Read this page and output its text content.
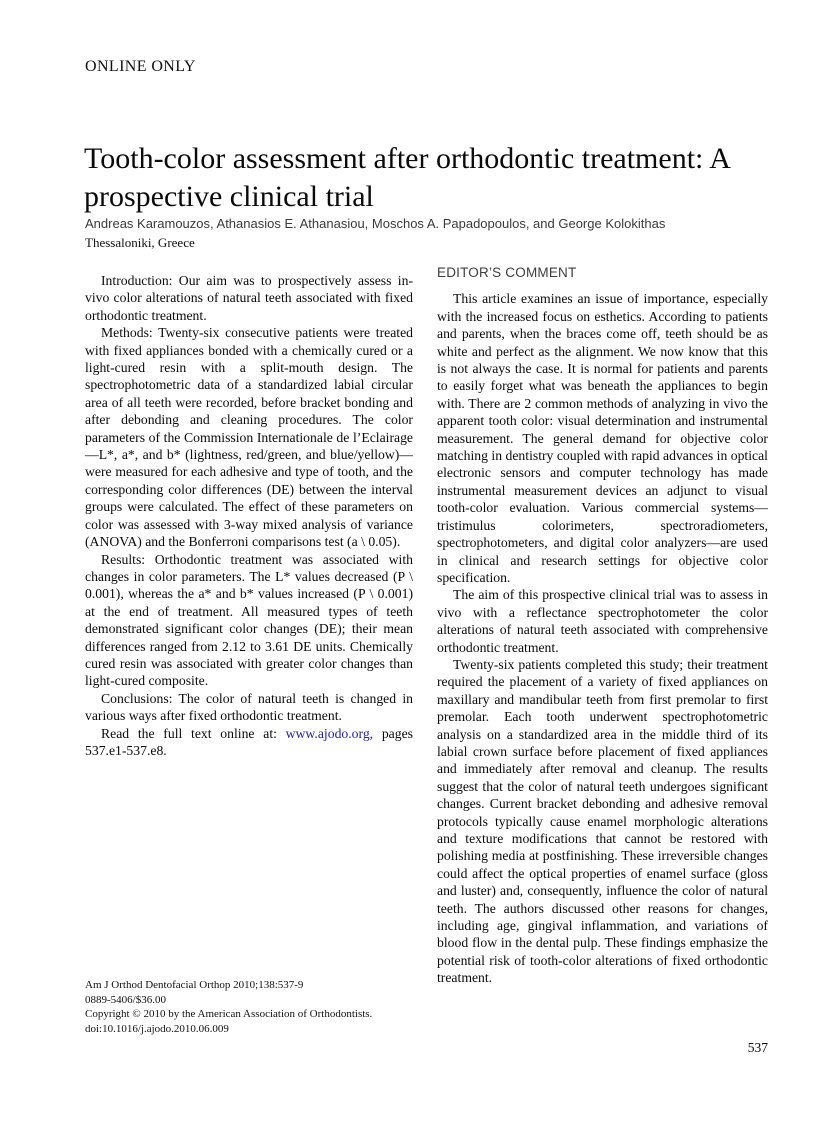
ONLINE ONLY
Tooth-color assessment after orthodontic treatment: A prospective clinical trial
Andreas Karamouzos, Athanasios E. Athanasiou, Moschos A. Papadopoulos, and George Kolokithas
Thessaloniki, Greece

Introduction: Our aim was to prospectively assess in-vivo color alterations of natural teeth associated with fixed orthodontic treatment.

Methods: Twenty-six consecutive patients were treated with fixed appliances bonded with a chemically cured or a light-cured resin with a split-mouth design. The spectrophotometric data of a standardized labial circular area of all teeth were recorded, before bracket bonding and after debonding and cleaning procedures. The color parameters of the Commission Internationale de l’Eclairage—L*, a*, and b* (lightness, red/green, and blue/yellow)—were measured for each adhesive and type of tooth, and the corresponding color differences (DE) between the interval groups were calculated. The effect of these parameters on color was assessed with 3-way mixed analysis of variance (ANOVA) and the Bonferroni comparisons test (a \ 0.05).

Results: Orthodontic treatment was associated with changes in color parameters. The L* values decreased (P \ 0.001), whereas the a* and b* values increased (P \ 0.001) at the end of treatment. All measured types of teeth demonstrated significant color changes (DE); their mean differences ranged from 2.12 to 3.61 DE units. Chemically cured resin was associated with greater color changes than light-cured composite.

Conclusions: The color of natural teeth is changed in various ways after fixed orthodontic treatment.

Read the full text online at: www.ajodo.org, pages 537.e1-537.e8.

EDITOR’S COMMENT

This article examines an issue of importance, especially with the increased focus on esthetics. According to patients and parents, when the braces come off, teeth should be as white and perfect as the alignment. We now know that this is not always the case. It is normal for patients and parents to easily forget what was beneath the appliances to begin with. There are 2 common methods of analyzing in vivo the apparent tooth color: visual determination and instrumental measurement. The general demand for objective color matching in dentistry coupled with rapid advances in optical electronic sensors and computer technology has made instrumental measurement devices an adjunct to visual tooth-color evaluation. Various commercial systems—tristimulus colorimeters, spectroradiometers, spectrophotometers, and digital color analyzers—are used in clinical and research settings for objective color specification.

The aim of this prospective clinical trial was to assess in vivo with a reflectance spectrophotometer the color alterations of natural teeth associated with comprehensive orthodontic treatment.

Twenty-six patients completed this study; their treatment required the placement of a variety of fixed appliances on maxillary and mandibular teeth from first premolar to first premolar. Each tooth underwent spectrophotometric analysis on a standardized area in the middle third of its labial crown surface before placement of fixed appliances and immediately after removal and cleanup. The results suggest that the color of natural teeth undergoes significant changes. Current bracket debonding and adhesive removal protocols typically cause enamel morphologic alterations and texture modifications that cannot be restored with polishing media at postfinishing. These irreversible changes could affect the optical properties of enamel surface (gloss and luster) and, consequently, influence the color of natural teeth. The authors discussed other reasons for changes, including age, gingival inflammation, and variations of blood flow in the dental pulp. These findings emphasize the potential risk of tooth-color alterations of fixed orthodontic treatment.

Am J Orthod Dentofacial Orthop 2010;138:537-9
0889-5406/$36.00
Copyright © 2010 by the American Association of Orthodontists.
doi:10.1016/j.ajodo.2010.06.009
537
